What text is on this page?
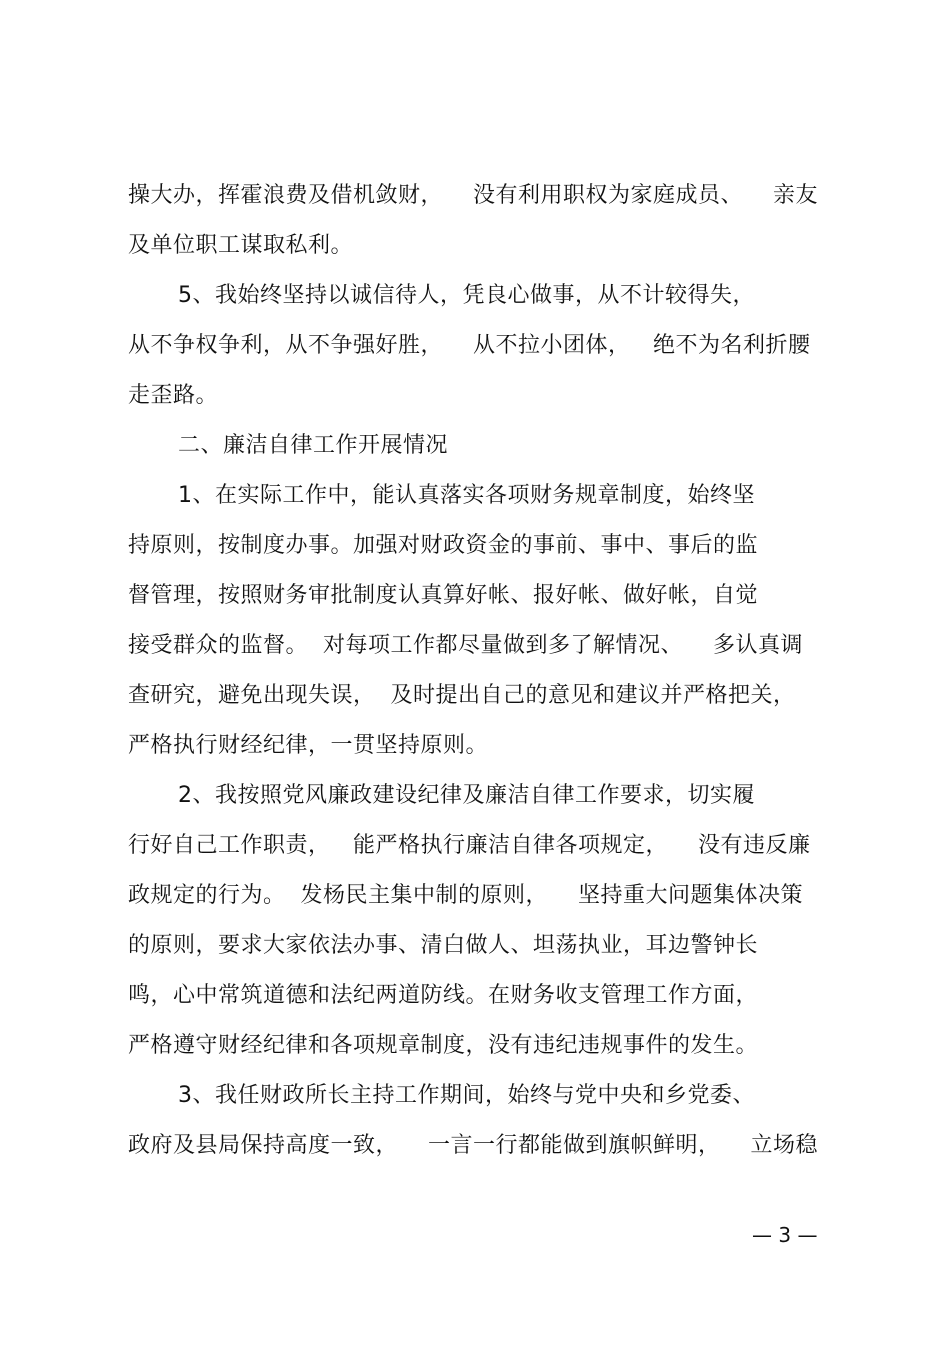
操大办，挥霍浪费及借机敛财，    没有利用职权为家庭成员、    亲友
及单位职工谋取私利。
5、我始终坚持以诚信待人，凭良心做事，从不计较得失，
从不争权争利，从不争强好胜，    从不拉小团体，   绝不为名利折腰
走歪路。
二、廉洁自律工作开展情况
1、在实际工作中，能认真落实各项财务规章制度，始终坚
持原则，按制度办事。加强对财政资金的事前、事中、事后的监
督管理，按照财务审批制度认真算好帐、报好帐、做好帐，自觉
接受群众的监督。  对每项工作都尽量做到多了解情况、    多认真调
查研究，避免出现失误，  及时提出自己的意见和建议并严格把关，
严格执行财经纪律，一贯坚持原则。
2、我按照党风廉政建设纪律及廉洁自律工作要求，切实履
行好自己工作职责，   能严格执行廉洁自律各项规定，    没有违反廉
政规定的行为。  发杨民主集中制的原则，    坚持重大问题集体决策
的原则，要求大家依法办事、清白做人、坦荡执业，耳边警钟长
鸣，心中常筑道德和法纪两道防线。在财务收支管理工作方面，
严格遵守财经纪律和各项规章制度，没有违纪违规事件的发生。
3、我任财政所长主持工作期间，始终与党中央和乡党委、
政府及县局保持高度一致，    一言一行都能做到旗帜鲜明，    立场稳
— 3 —
